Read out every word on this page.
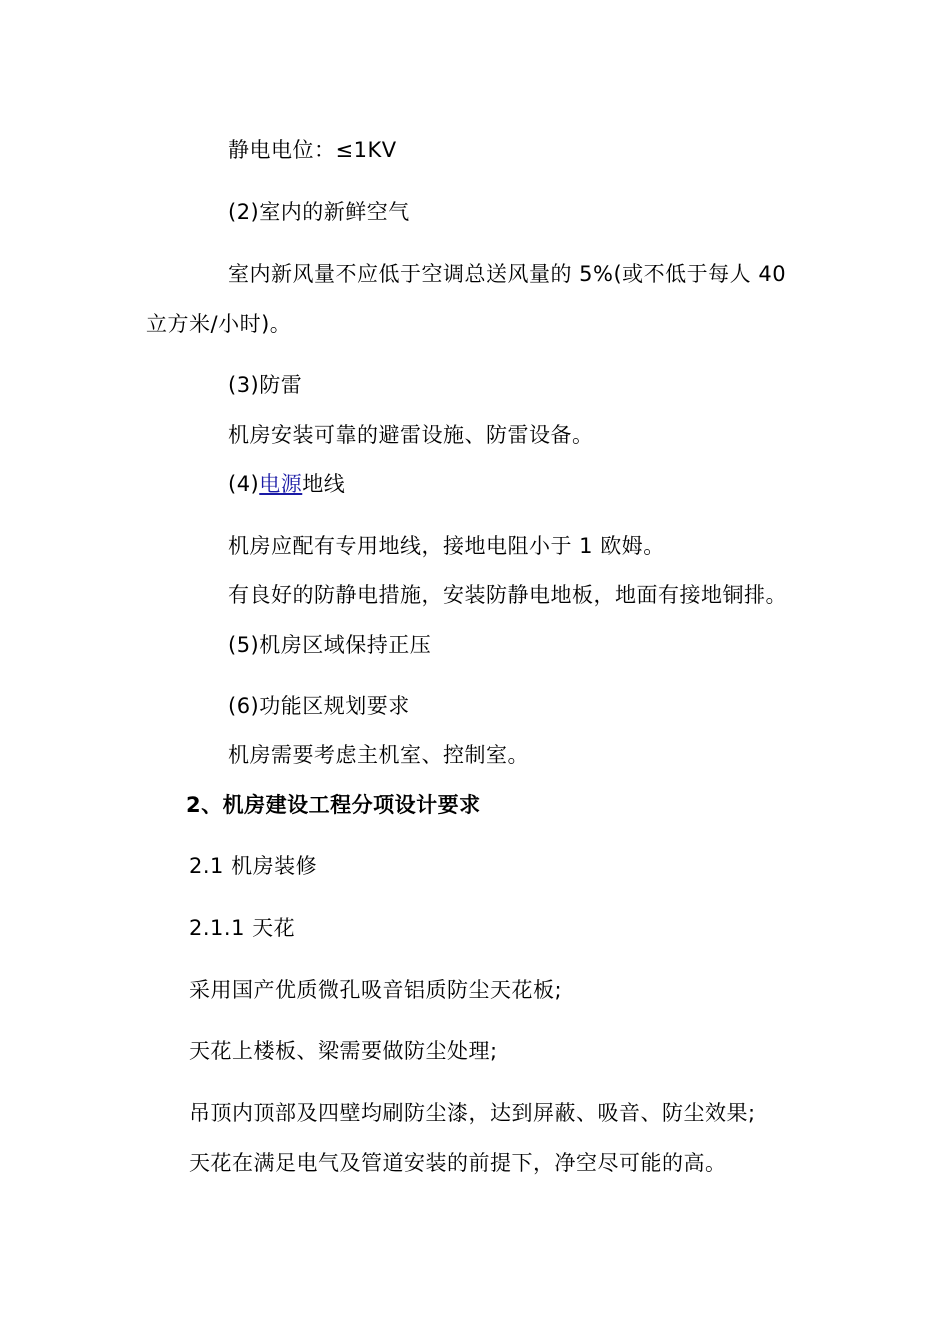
静电电位：≤1KV
(2)室内的新鲜空气
室内新风量不应低于空调总送风量的 5%(或不低于每人 40
立方米/小时)。
(3)防雷
机房安装可靠的避雷设施、防雷设备。
(4)电源地线
机房应配有专用地线，接地电阻小于 1 欧姆。
有良好的防静电措施，安装防静电地板，地面有接地铜排。
(5)机房区域保持正压
(6)功能区规划要求
机房需要考虑主机室、控制室。
2、机房建设工程分项设计要求
2.1 机房装修
2.1.1 天花
采用国产优质微孔吸音铝质防尘天花板;
天花上楼板、梁需要做防尘处理;
吊顶内顶部及四壁均刷防尘漆，达到屏蔽、吸音、防尘效果;
天花在满足电气及管道安装的前提下，净空尽可能的高。
